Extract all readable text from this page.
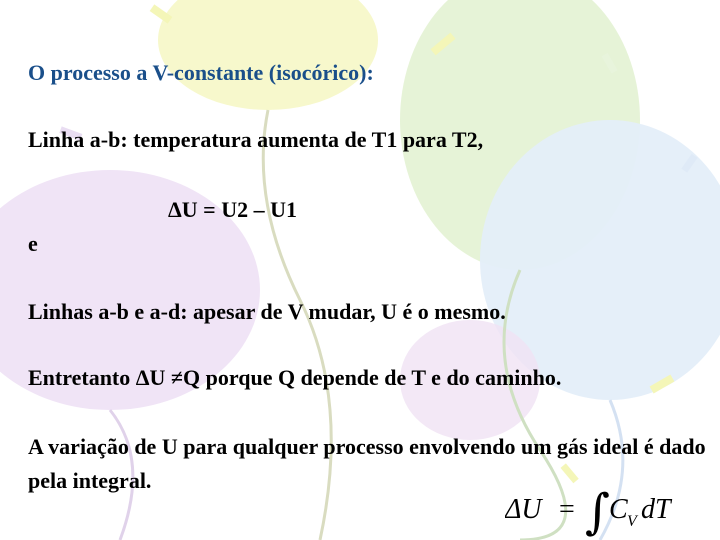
O processo a V-constante (isocórico):

Linha a-b: temperatura aumenta de T1 para T2,

ΔU = U2 – U1

e

Linhas a-b e a-d: apesar de V mudar, U é o mesmo.

Entretanto ΔU ≠Q porque Q depende de T e do caminho.

A variação de U para qualquer processo envolvendo um gás ideal é dado pela integral.

ΔU = ∫
C V dT
